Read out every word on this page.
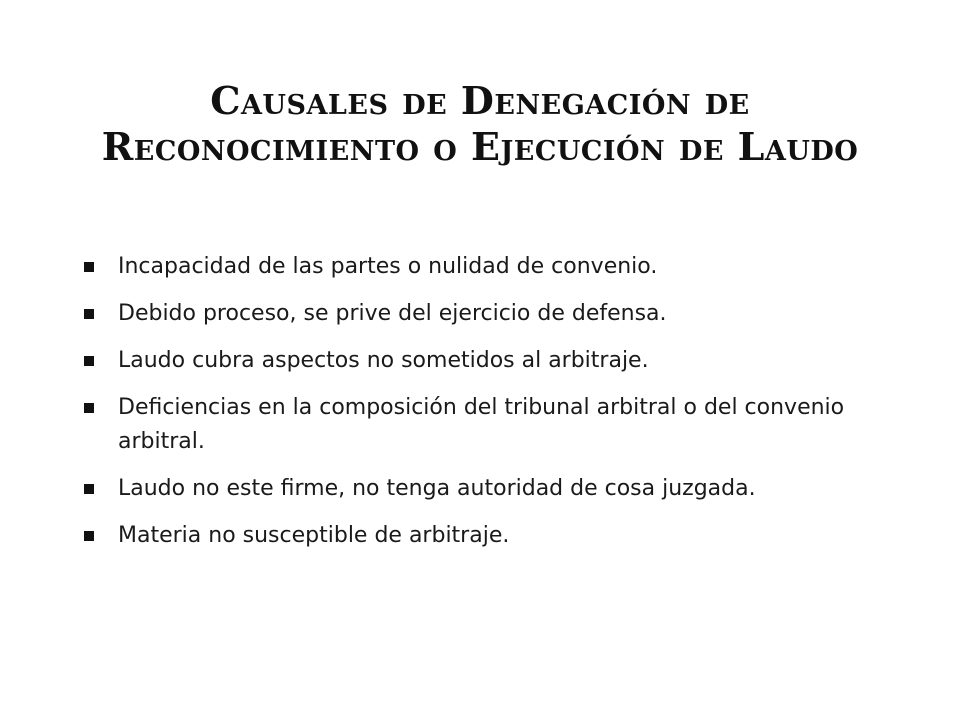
Causales de Denegación de
Reconocimiento o Ejecución de Laudo
Incapacidad de las partes o nulidad de convenio.
Debido proceso, se prive del ejercicio de defensa.
Laudo cubra aspectos no sometidos al arbitraje.
Deficiencias en la composición del tribunal arbitral o del convenio arbitral.
Laudo no este firme, no tenga autoridad de cosa juzgada.
Materia no susceptible de arbitraje.
